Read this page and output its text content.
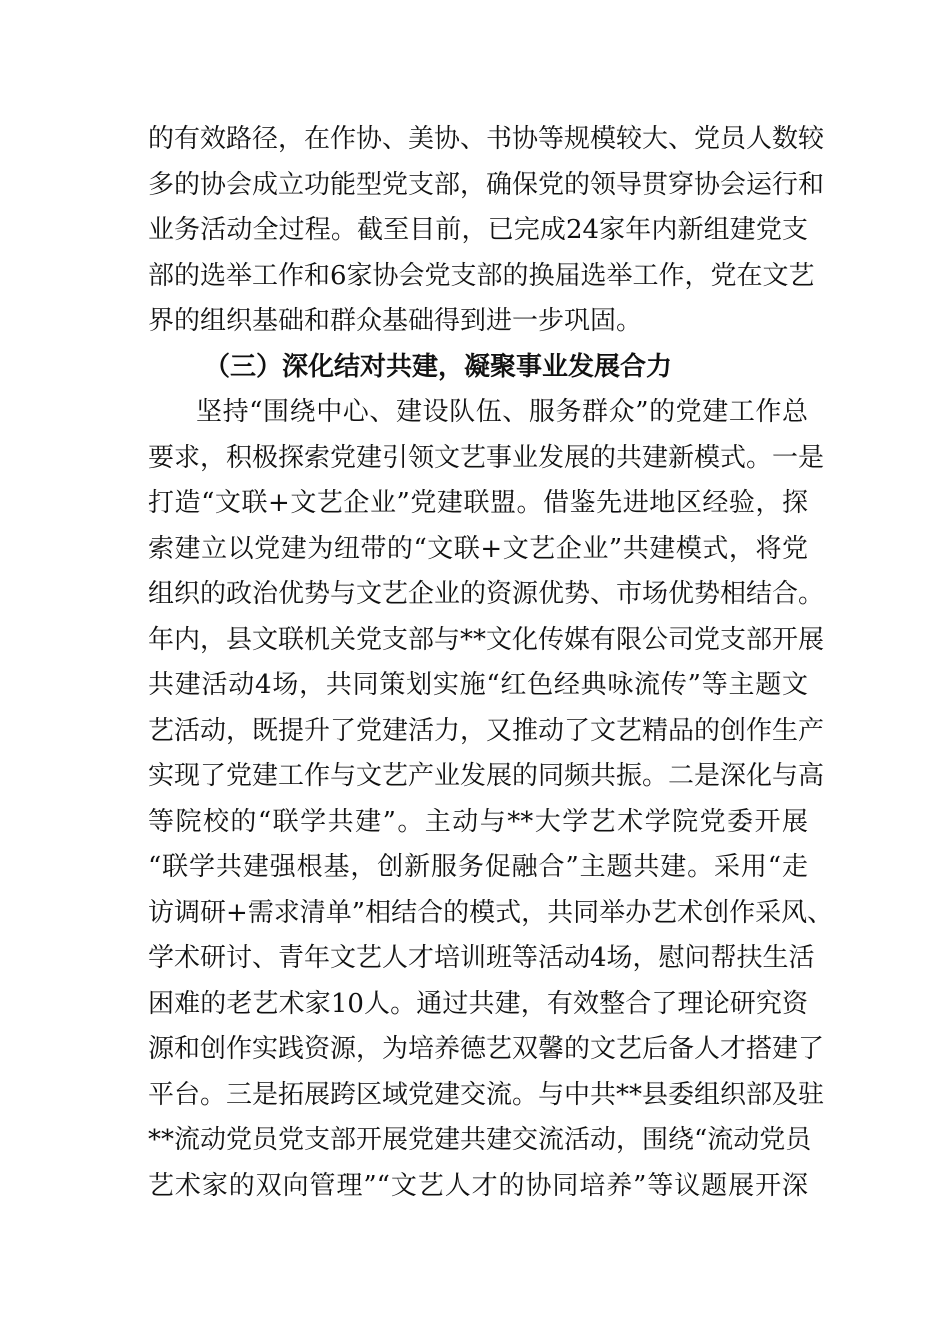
的有效路径，在作协、美协、书协等规模较大、党员人数较
多的协会成立功能型党支部，确保党的领导贯穿协会运行和
业务活动全过程。截至目前，已完成24家年内新组建党支
部的选举工作和6家协会党支部的换届选举工作，党在文艺
界的组织基础和群众基础得到进一步巩固。
（三）深化结对共建，凝聚事业发展合力
坚持“围绕中心、建设队伍、服务群众”的党建工作总
要求，积极探索党建引领文艺事业发展的共建新模式。一是
打造“文联+文艺企业”党建联盟。借鉴先进地区经验，探
索建立以党建为纽带的“文联+文艺企业”共建模式，将党
组织的政治优势与文艺企业的资源优势、市场优势相结合。
年内，县文联机关党支部与**文化传媒有限公司党支部开展
共建活动4场，共同策划实施“红色经典咏流传”等主题文
艺活动，既提升了党建活力，又推动了文艺精品的创作生产
实现了党建工作与文艺产业发展的同频共振。二是深化与高
等院校的“联学共建”。主动与**大学艺术学院党委开展
“联学共建强根基，创新服务促融合”主题共建。采用“走
访调研+需求清单”相结合的模式，共同举办艺术创作采风、
学术研讨、青年文艺人才培训班等活动4场，慰问帮扶生活
困难的老艺术家10人。通过共建，有效整合了理论研究资
源和创作实践资源，为培养德艺双馨的文艺后备人才搭建了
平台。三是拓展跨区域党建交流。与中共**县委组织部及驻
**流动党员党支部开展党建共建交流活动，围绕“流动党员
艺术家的双向管理”“文艺人才的协同培养”等议题展开深
